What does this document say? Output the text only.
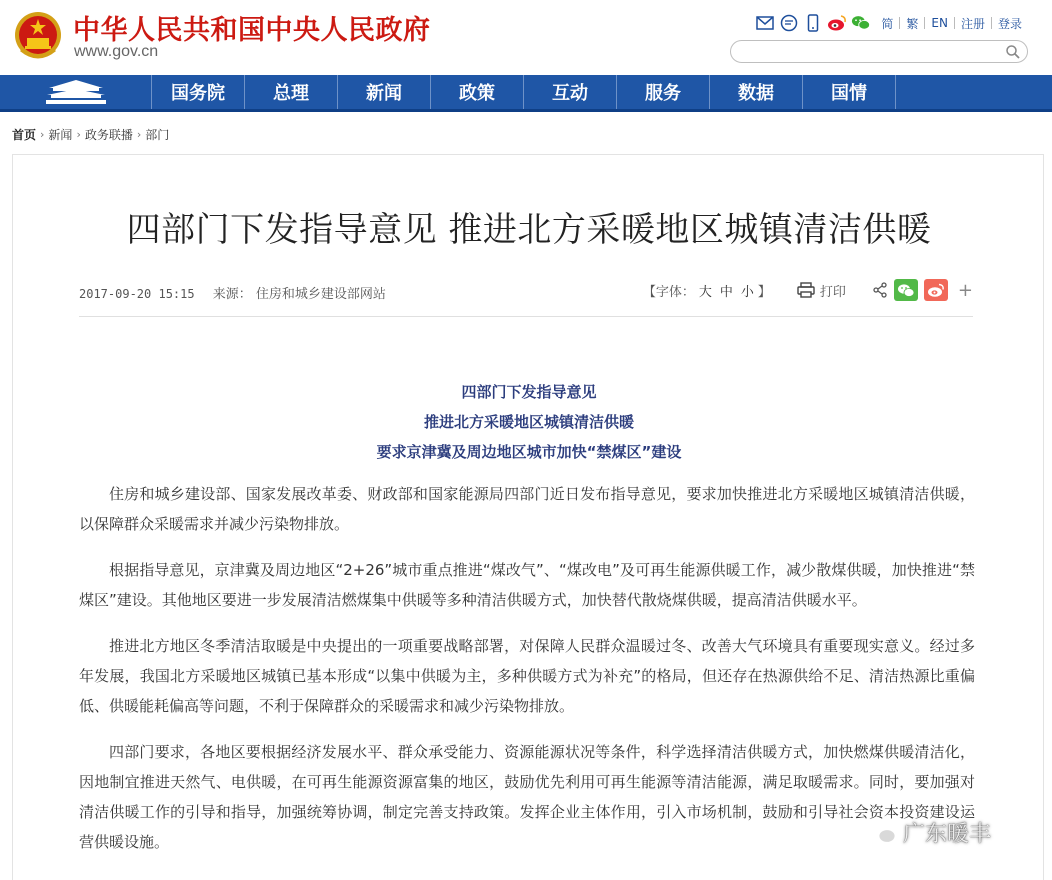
中华人民共和国中央人民政府
www.gov.cn
简	繁	EN	注册	登录
国务院	总理	新闻	政策	互动	服务	数据	国情
首页 › 新闻 › 政务联播 › 部门
四部门下发指导意见 推进北方采暖地区城镇清洁供暖
2017-09-20 15:15 来源： 住房和城乡建设部网站	【字体： 大 中 小 】	打印	+
四部门下发指导意见
推进北方采暖地区城镇清洁供暖
要求京津冀及周边地区城市加快“禁煤区”建设

住房和城乡建设部、国家发展改革委、财政部和国家能源局四部门近日发布指导意见，要求加快推进北方采暖地区城镇清洁供暖，以保障群众采暖需求并减少污染物排放。

根据指导意见，京津冀及周边地区“2+26”城市重点推进“煤改气”、“煤改电”及可再生能源供暖工作，减少散煤供暖，加快推进“禁煤区”建设。其他地区要进一步发展清洁燃煤集中供暖等多种清洁供暖方式，加快替代散烧煤供暖，提高清洁供暖水平。

推进北方地区冬季清洁取暖是中央提出的一项重要战略部署，对保障人民群众温暖过冬、改善大气环境具有重要现实意义。经过多年发展，我国北方采暖地区城镇已基本形成“以集中供暖为主，多种供暖方式为补充”的格局，但还存在热源供给不足、清洁热源比重偏低、供暖能耗偏高等问题，不利于保障群众的采暖需求和减少污染物排放。

四部门要求，各地区要根据经济发展水平、群众承受能力、资源能源状况等条件，科学选择清洁供暖方式，加快燃煤供暖清洁化，因地制宜推进天然气、电供暖，在可再生能源资源富集的地区，鼓励优先利用可再生能源等清洁能源，满足取暖需求。同时，要加强对清洁供暖工作的引导和指导，加强统筹协调，制定完善支持政策。发挥企业主体作用，引入市场机制，鼓励和引导社会资本投资建设运营供暖设施。	广东暖丰
